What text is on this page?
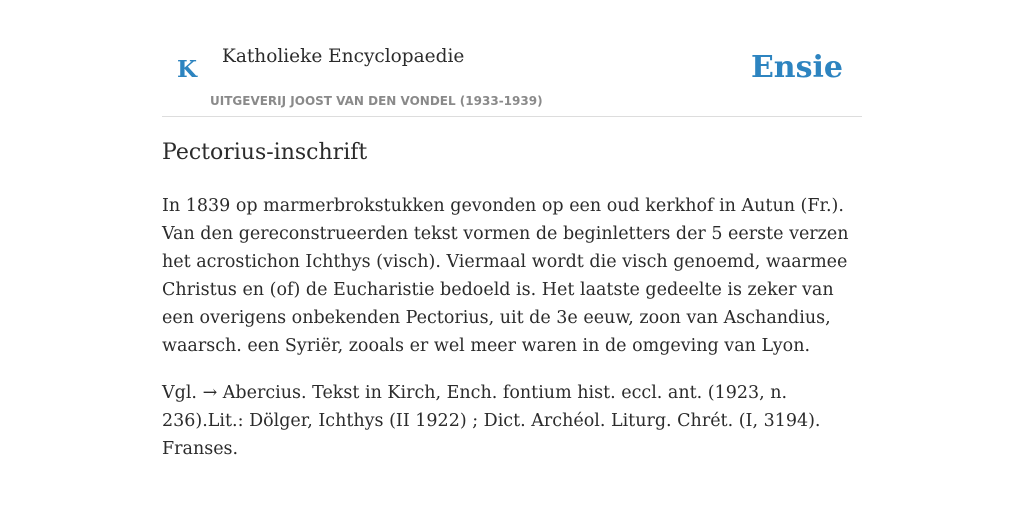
K Katholieke Encyclopaedie
UITGEVERIJ JOOST VAN DEN VONDEL (1933-1939)
Ensie
Pectorius-inschrift

In 1839 op marmerbrokstukken gevonden op een oud kerkhof in Autun (Fr.). Van den gereconstrueerden tekst vormen de beginletters der 5 eerste verzen het acrostichon Ichthys (visch). Viermaal wordt die visch genoemd, waarmee Christus en (of) de Eucharistie bedoeld is. Het laatste gedeelte is zeker van een overigens onbekenden Pectorius, uit de 3e eeuw, zoon van Aschandius, waarsch. een Syriër, zooals er wel meer waren in de omgeving van Lyon.

Vgl. → Abercius. Tekst in Kirch, Ench. fontium hist. eccl. ant. (1923, n. 236).Lit.: Dölger, Ichthys (II 1922) ; Dict. Archéol. Liturg. Chrét. (I, 3194). Franses.
